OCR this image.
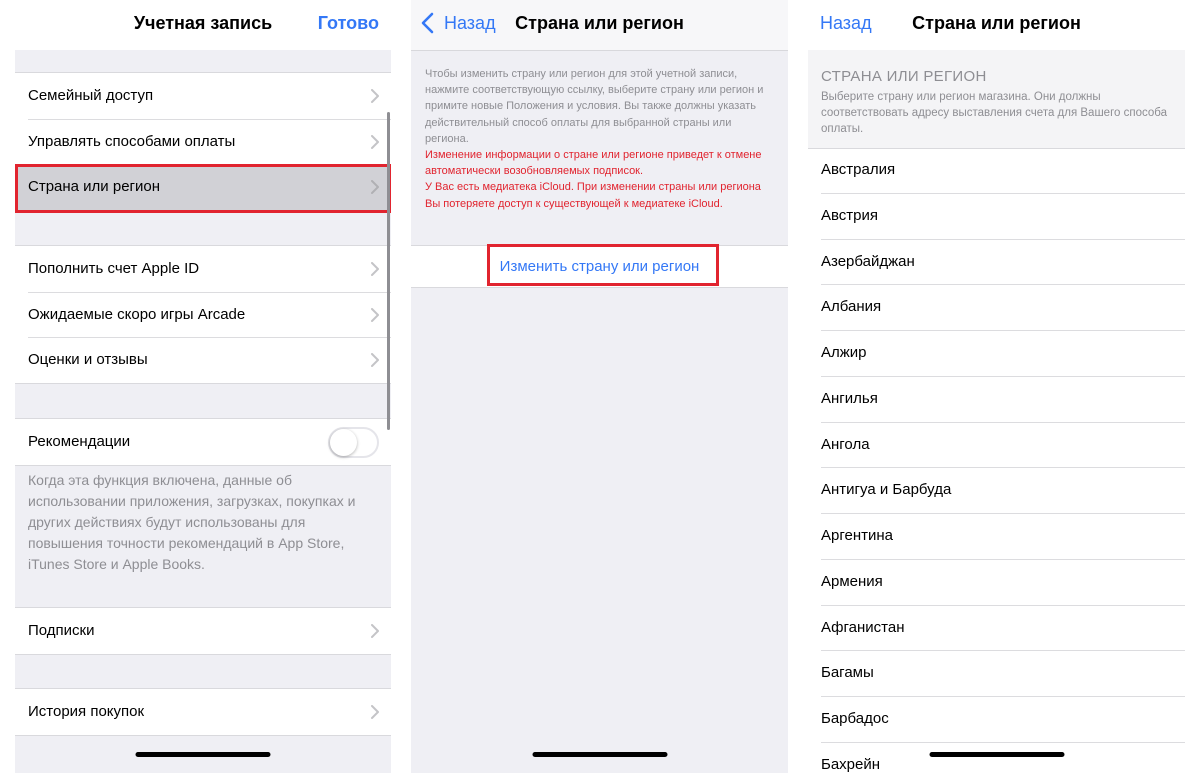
Учетная запись	Готово
Семейный доступ
Управлять способами оплаты
Страна или регион
Пополнить счет Apple ID
Ожидаемые скоро игры Arcade
Оценки и отзывы
Рекомендации
Когда эта функция включена, данные об использовании приложения, загрузках, покупках и других действиях будут использованы для повышения точности рекомендаций в App Store, iTunes Store и Apple Books.
Подписки
История покупок
Назад	Страна или регион
Чтобы изменить страну или регион для этой учетной записи, нажмите соответствующую ссылку, выберите страну или регион и примите новые Положения и условия. Вы также должны указать действительный способ оплаты для выбранной страны или региона.
Изменение информации о стране или регионе приведет к отмене автоматически возобновляемых подписок.
У Вас есть медиатека iCloud. При изменении страны или региона Вы потеряете доступ к существующей к медиатеке iCloud.
Изменить страну или регион
Назад	Страна или регион
СТРАНА ИЛИ РЕГИОН
Выберите страну или регион магазина. Они должны соответствовать адресу выставления счета для Вашего способа оплаты.
Австралия
Австрия
Азербайджан
Албания
Алжир
Ангилья
Ангола
Антигуа и Барбуда
Аргентина
Армения
Афганистан
Багамы
Барбадос
Бахрейн
